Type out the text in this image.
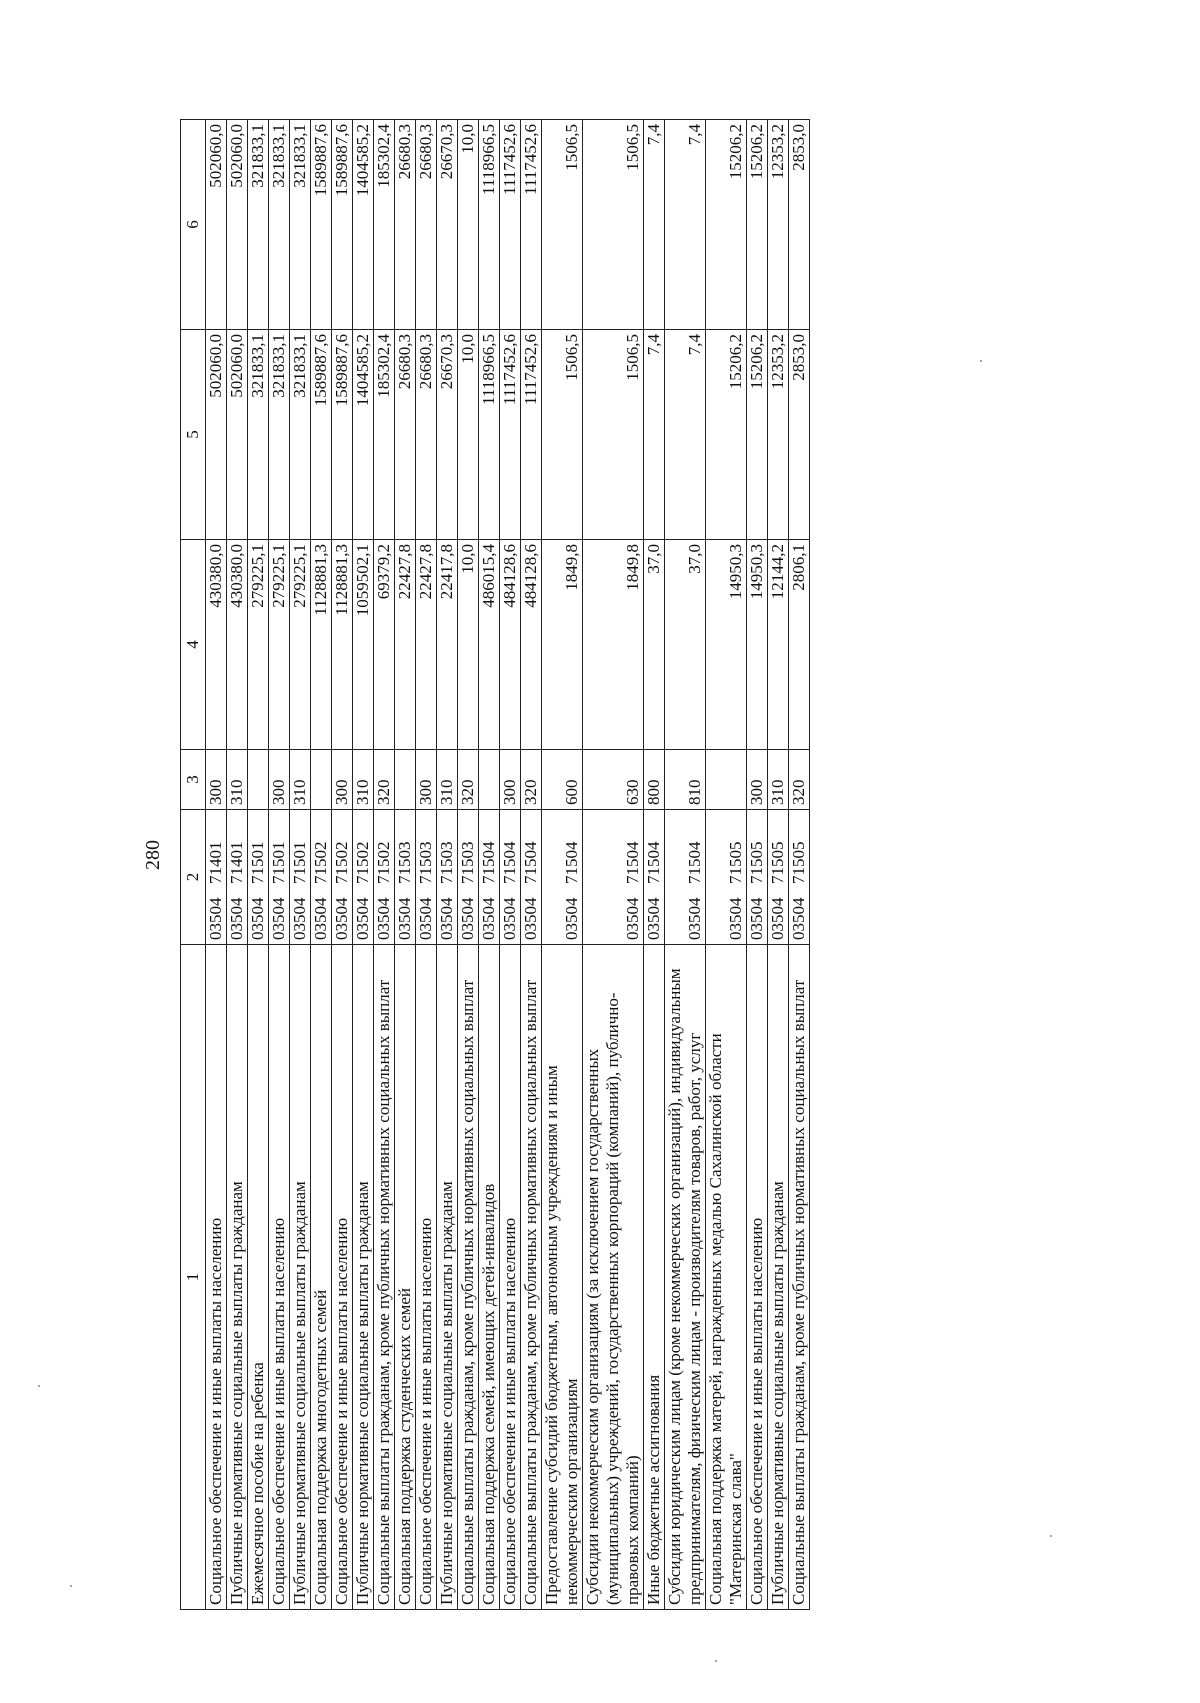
280
1	2	3	4	5	6
Социальное обеспечение и иные выплаты населению	0350471401	300	430380,0	502060,0	502060,0
Публичные нормативные социальные выплаты гражданам	0350471401	310	430380,0	502060,0	502060,0
Ежемесячное пособие на ребенка	0350471501		279225,1	321833,1	321833,1
Социальное обеспечение и иные выплаты населению	0350471501	300	279225,1	321833,1	321833,1
Публичные нормативные социальные выплаты гражданам	0350471501	310	279225,1	321833,1	321833,1
Социальная поддержка многодетных семей	0350471502		1128881,3	1589887,6	1589887,6
Социальное обеспечение и иные выплаты населению	0350471502	300	1128881,3	1589887,6	1589887,6
Публичные нормативные социальные выплаты гражданам	0350471502	310	1059502,1	1404585,2	1404585,2
Социальные выплаты гражданам, кроме публичных нормативных социальных выплат	0350471502	320	69379,2	185302,4	185302,4
Социальная поддержка студенческих семей	0350471503		22427,8	26680,3	26680,3
Социальное обеспечение и иные выплаты населению	0350471503	300	22427,8	26680,3	26680,3
Публичные нормативные социальные выплаты гражданам	0350471503	310	22417,8	26670,3	26670,3
Социальные выплаты гражданам, кроме публичных нормативных социальных выплат	0350471503	320	10,0	10,0	10,0
Социальная поддержка семей, имеющих детей-инвалидов	0350471504		486015,4	1118966,5	1118966,5
Социальное обеспечение и иные выплаты населению	0350471504	300	484128,6	1117452,6	1117452,6
Социальные выплаты гражданам, кроме публичных нормативных социальных выплат	0350471504	320	484128,6	1117452,6	1117452,6
Предоставление субсидий бюджетным, автономным учреждениям и иным некоммерческим организациям	0350471504	600	1849,8	1506,5	1506,5
Субсидии некоммерческим организациям (за исключением государственных (муниципальных) учреждений, государственных корпораций (компаний), публично-правовых компаний)	0350471504	630	1849,8	1506,5	1506,5
Иные бюджетные ассигнования	0350471504	800	37,0	7,4	7,4
Субсидии юридическим лицам (кроме некоммерческих организаций), индивидуальным предпринимателям, физическим лицам - производителям товаров, работ, услуг	0350471504	810	37,0	7,4	7,4
Социальная поддержка матерей, награжденных медалью Сахалинской области "Материнская слава"	0350471505		14950,3	15206,2	15206,2
Социальное обеспечение и иные выплаты населению	0350471505	300	14950,3	15206,2	15206,2
Публичные нормативные социальные выплаты гражданам	0350471505	310	12144,2	12353,2	12353,2
Социальные выплаты гражданам, кроме публичных нормативных социальных выплат	0350471505	320	2806,1	2853,0	2853,0
